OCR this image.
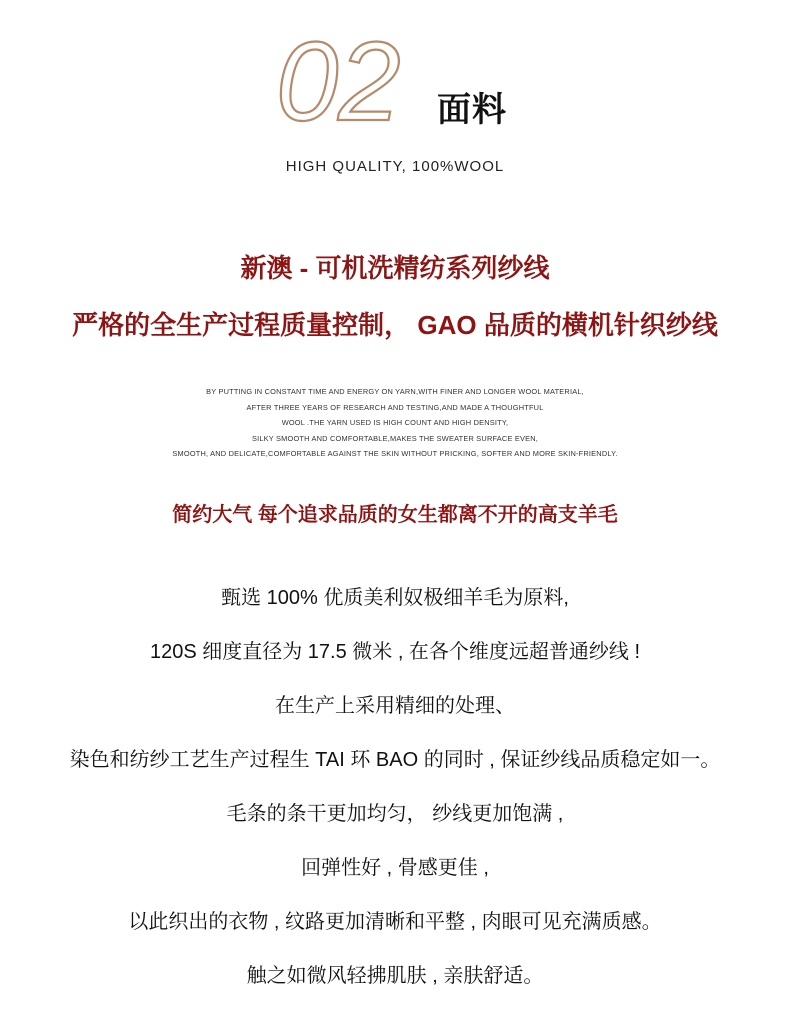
02 面料
HIGH QUALITY, 100%WOOL
新澳 - 可机洗精纺系列纱线
严格的全生产过程质量控制， GAO 品质的横机针织纱线
BY PUTTING IN CONSTANT TIME AND ENERGY ON YARN,WITH FINER AND LONGER WOOL MATERIAL,
AFTER THREE YEARS OF RESEARCH AND TESTING,AND MADE A THOUGHTFUL
WOOL .THE YARN USED IS HIGH COUNT AND HIGH DENSITY,
SILKY SMOOTH AND COMFORTABLE,MAKES THE SWEATER SURFACE EVEN,
SMOOTH, AND DELICATE,COMFORTABLE AGAINST THE SKIN WITHOUT PRICKING, SOFTER AND MORE SKIN-FRIENDLY.
简约大气 每个追求品质的女生都离不开的高支羊毛
甄选 100% 优质美利奴极细羊毛为原料,
120S 细度直径为 17.5 微米 , 在各个维度远超普通纱线 !
在生产上采用精细的处理、
染色和纺纱工艺生产过程生 TAI 环 BAO 的同时 , 保证纱线品质稳定如一。
毛条的条干更加均匀， 纱线更加饱满 ,
回弹性好 , 骨感更佳 ,
以此织出的衣物 , 纹路更加清晰和平整 , 肉眼可见充满质感。
触之如微风轻拂肌肤 , 亲肤舒适。
